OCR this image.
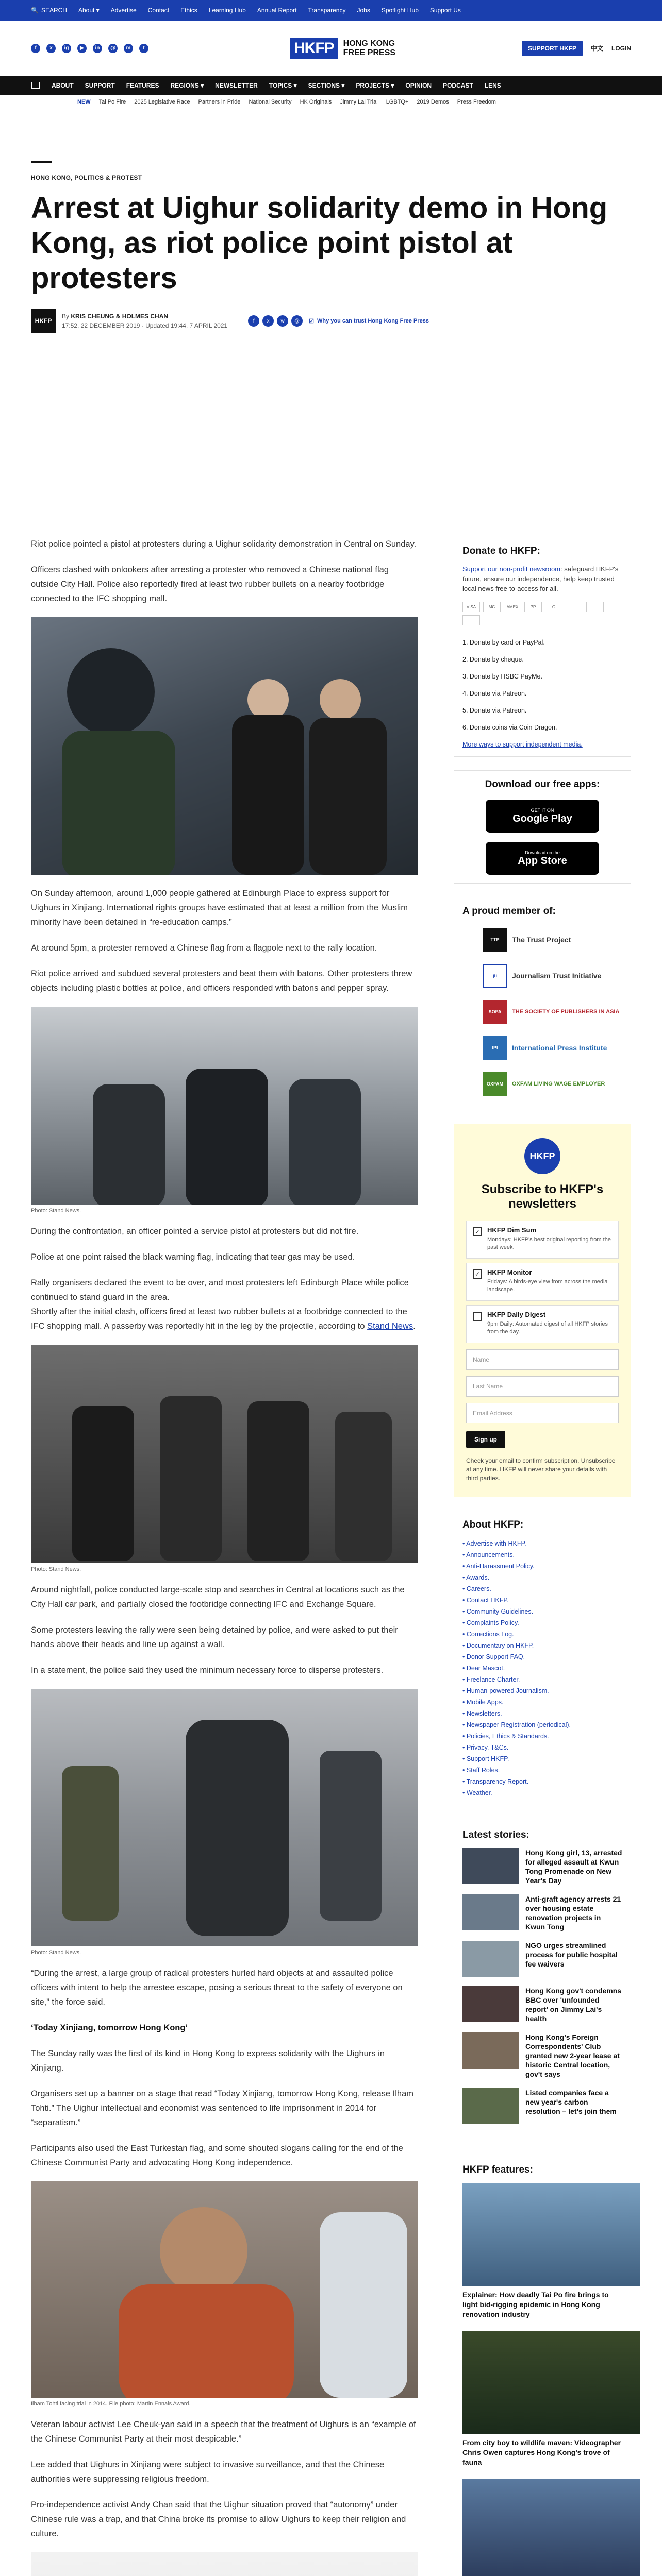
🔍 SEARCH About ▾ Advertise Contact Ethics Learning Hub Annual Report Transparency Jobs Spotlight Hub Support Us
f	x	ig	▶	in	@	m	t	HKFP	HONG KONG
FREE PRESS	SUPPORT HKFP	中文 LOGIN
ABOUT SUPPORT FEATURES REGIONS ▾ NEWSLETTER TOPICS ▾ SECTIONS ▾ PROJECTS ▾ OPINION PODCAST LENS
NEW Tai Po Fire 2025 Legislative Race Partners in Pride National Security HK Originals Jimmy Lai Trial LGBTQ+ 2019 Demos Press Freedom
HONG KONG, POLITICS & PROTEST
Arrest at Uighur solidarity demo in Hong Kong, as riot police point pistol at protesters
HKFP
By KRIS CHEUNG & HOLMES CHAN
17:52, 22 DECEMBER 2019 · Updated 19:44, 7 APRIL 2021
f	x	w	@	☑ Why you can trust Hong Kong Free Press

Riot police pointed a pistol at protesters during a Uighur solidarity demonstration in Central on Sunday.

Officers clashed with onlookers after arresting a protester who removed a Chinese national flag outside City Hall. Police also reportedly fired at least two rubber bullets on a nearby footbridge connected to the IFC shopping mall.

On Sunday afternoon, around 1,000 people gathered at Edinburgh Place to express support for Uighurs in Xinjiang. International rights groups have estimated that at least a million from the Muslim minority have been detained in “re-education camps.”

At around 5pm, a protester removed a Chinese flag from a flagpole next to the rally location.

Riot police arrived and subdued several protesters and beat them with batons. Other protesters threw objects including plastic bottles at police, and officers responded with batons and pepper spray.

Photo: Stand News.

During the confrontation, an officer pointed a service pistol at protesters but did not fire.

Police at one point raised the black warning flag, indicating that tear gas may be used.

Rally organisers declared the event to be over, and most protesters left Edinburgh Place while police continued to stand guard in the area.
Shortly after the initial clash, officers fired at least two rubber bullets at a footbridge connected to the IFC shopping mall. A passerby was reportedly hit in the leg by the projectile, according to Stand News.

Photo: Stand News.

Around nightfall, police conducted large-scale stop and searches in Central at locations such as the City Hall car park, and partially closed the footbridge connecting IFC and Exchange Square.

Some protesters leaving the rally were seen being detained by police, and were asked to put their hands above their heads and line up against a wall.

In a statement, the police said they used the minimum necessary force to disperse protesters.

Photo: Stand News.

“During the arrest, a large group of radical protesters hurled hard objects at and assaulted police officers with intent to help the arrestee escape, posing a serious threat to the safety of everyone on site,” the force said.

‘Today Xinjiang, tomorrow Hong Kong’

The Sunday rally was the first of its kind in Hong Kong to express solidarity with the Uighurs in Xinjiang.

Organisers set up a banner on a stage that read “Today Xinjiang, tomorrow Hong Kong, release Ilham Tohti.” The Uighur intellectual and economist was sentenced to life imprisonment in 2014 for “separatism.”

Participants also used the East Turkestan flag, and some shouted slogans calling for the end of the Chinese Communist Party and advocating Hong Kong independence.

Ilham Tohti facing trial in 2014. File photo: Martin Ennals Award.

Veteran labour activist Lee Cheuk-yan said in a speech that the treatment of Uighurs is an “example of the Chinese Communist Party at their most despicable.”

Lee added that Uighurs in Xinjiang were subject to invasive surveillance, and that the Chinese authorities were suppressing religious freedom.

Pro-independence activist Andy Chan said that the Uighur situation proved that “autonomy” under Chinese rule was a trap, and that China broke its promise to allow Uighurs to keep their religion and culture.

Donate to HKFP:
Support our non-profit newsroom: safeguard HKFP's future, ensure our independence, help keep trusted local news free-to-access for all.
VISA	MC	AMEX	PP	G
1. Donate by card or PayPal.
2. Donate by cheque.
3. Donate by HSBC PayMe.
4. Donate via Patreon.
5. Donate via Patreon.
6. Donate coins via Coin Dragon.
More ways to support independent media.
Download our free apps:
GET IT ON
Google Play
Download on the
App Store
A proud member of:
TTP	The Trust Project
jti	Journalism Trust Initiative
SOPA	THE SOCIETY OF PUBLISHERS IN ASIA
IPI	International Press Institute
OXFAM	OXFAM LIVING WAGE EMPLOYER
HKFP
Subscribe to HKFP's newsletters
✓	HKFP Dim Sum
Mondays: HKFP's best original reporting from the past week.
✓	HKFP Monitor
Fridays: A birds-eye view from across the media landscape.
HKFP Daily Digest
9pm Daily: Automated digest of all HKFP stories from the day.
Name
Last Name
Email Address
Sign up
Check your email to confirm subscription. Unsubscribe at any time. HKFP will never share your details with third parties.
About HKFP:
• Advertise with HKFP.
• Announcements.
• Anti-Harassment Policy.
• Awards.
• Careers.
• Contact HKFP.
• Community Guidelines.
• Complaints Policy.
• Corrections Log.
• Documentary on HKFP.
• Donor Support FAQ.
• Dear Mascot.
• Freelance Charter.
• Human-powered Journalism.
• Mobile Apps.
• Newsletters.
• Newspaper Registration (periodical).
• Policies, Ethics & Standards.
• Privacy, T&Cs.
• Support HKFP.
• Staff Roles.
• Transparency Report.
• Weather.
Latest stories:
Hong Kong girl, 13, arrested for alleged assault at Kwun Tong Promenade on New Year's Day
Anti-graft agency arrests 21 over housing estate renovation projects in Kwun Tong
NGO urges streamlined process for public hospital fee waivers
Hong Kong gov't condemns BBC over 'unfounded report' on Jimmy Lai's health
Hong Kong's Foreign Correspondents' Club granted new 2-year lease at historic Central location, gov't says
Listed companies face a new year's carbon resolution – let's join them
HKFP features:
Explainer: How deadly Tai Po fire brings to light bid-rigging epidemic in Hong Kong renovation industry
From city boy to wildlife maven: Videographer Chris Owen captures Hong Kong's trove of fauna
